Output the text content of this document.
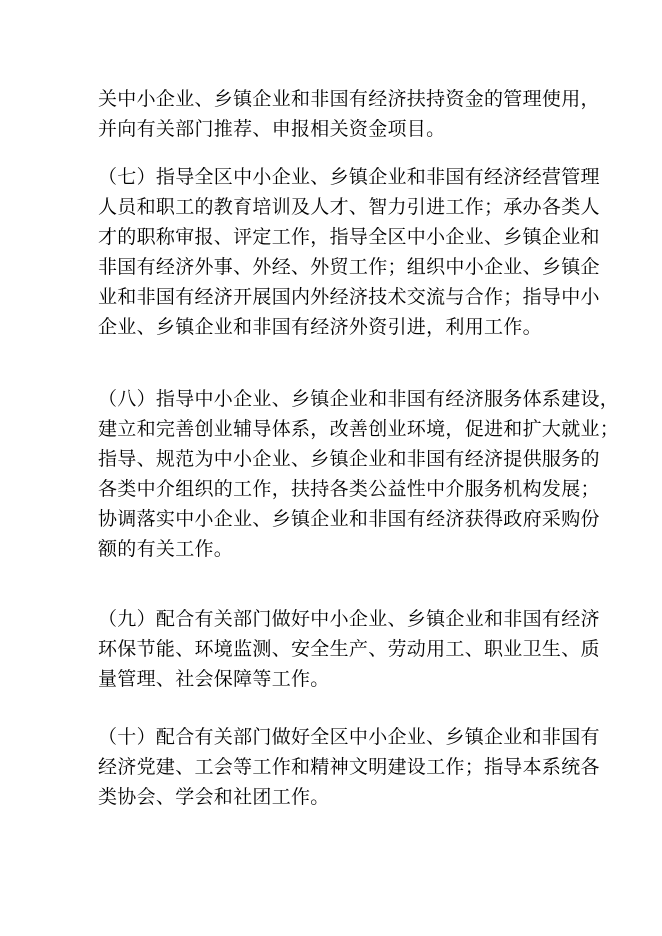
关中小企业、乡镇企业和非国有经济扶持资金的管理使用，
并向有关部门推荐、申报相关资金项目。

（七）指导全区中小企业、乡镇企业和非国有经济经营管理
人员和职工的教育培训及人才、智力引进工作；承办各类人
才的职称审报、评定工作，指导全区中小企业、乡镇企业和
非国有经济外事、外经、外贸工作；组织中小企业、乡镇企
业和非国有经济开展国内外经济技术交流与合作；指导中小
企业、乡镇企业和非国有经济外资引进，利用工作。

（八）指导中小企业、乡镇企业和非国有经济服务体系建设，
建立和完善创业辅导体系，改善创业环境，促进和扩大就业；
指导、规范为中小企业、乡镇企业和非国有经济提供服务的
各类中介组织的工作，扶持各类公益性中介服务机构发展；
协调落实中小企业、乡镇企业和非国有经济获得政府采购份
额的有关工作。

（九）配合有关部门做好中小企业、乡镇企业和非国有经济
环保节能、环境监测、安全生产、劳动用工、职业卫生、质
量管理、社会保障等工作。

（十）配合有关部门做好全区中小企业、乡镇企业和非国有
经济党建、工会等工作和精神文明建设工作；指导本系统各
类协会、学会和社团工作。
